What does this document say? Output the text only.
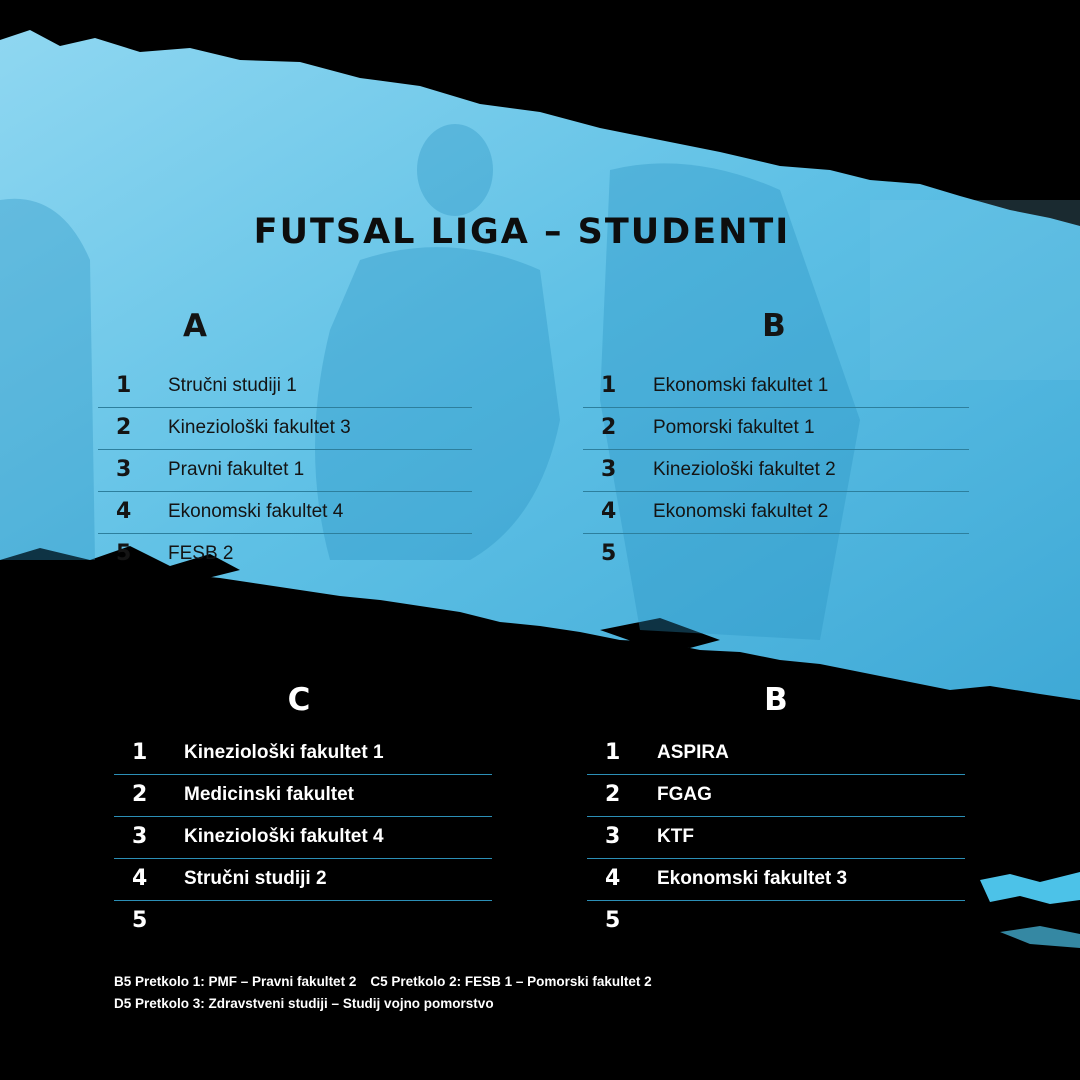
FUTSAL LIGA – STUDENTI
A
1 Stručni studiji 1
2 Kineziološki fakultet 3
3 Pravni fakultet 1
4 Ekonomski fakultet 4
5 FESB 2
B
1 Ekonomski fakultet 1
2 Pomorski fakultet 1
3 Kineziološki fakultet 2
4 Ekonomski fakultet 2
5
C
1 Kineziološki fakultet 1
2 Medicinski fakultet
3 Kineziološki fakultet 4
4 Stručni studiji 2
5
B
1 ASPIRA
2 FGAG
3 KTF
4 Ekonomski fakultet 3
5
B5 Pretkolo 1: PMF – Pravni fakultet 2 C5 Pretkolo 2: FESB 1 – Pomorski fakultet 2
D5 Pretkolo 3: Zdravstveni studiji – Studij vojno pomorstvo
